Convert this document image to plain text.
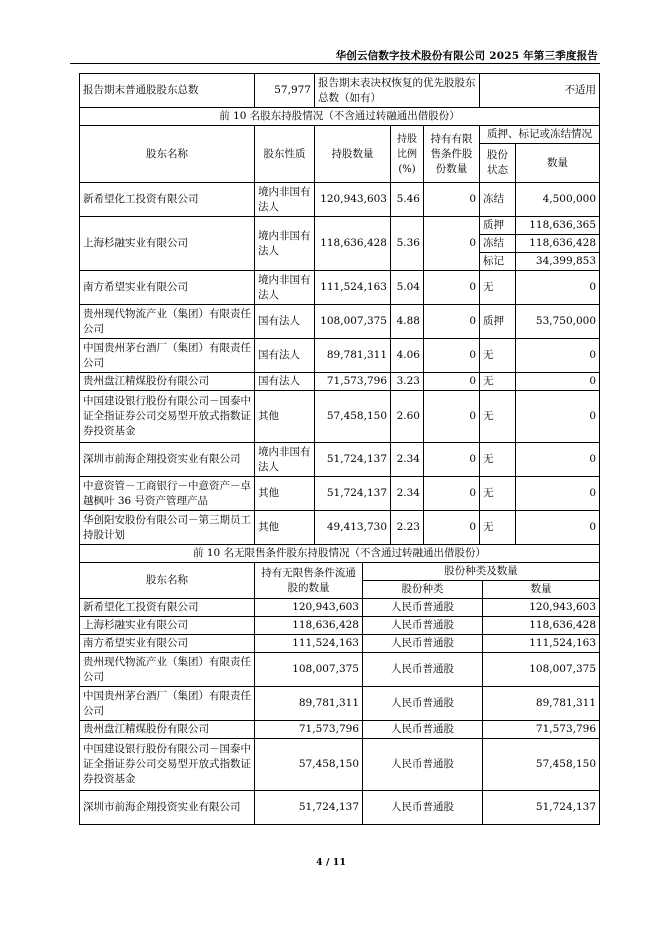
华创云信数字技术股份有限公司 2025 年第三季度报告
报告期末普通股股东总数	57,977	报告期末表决权恢复的优先股股东总数（如有）			不适用	
前 10 名股东持股情况（不含通过转融通出借股份）						
股东名称	股东性质	持股数量	持股比例(%)	持有有限售条件股份数量	质押、标记或冻结情况	
					股份状态	数量
新希望化工投资有限公司	境内非国有法人	120,943,603	5.46	0	冻结	4,500,000
上海杉融实业有限公司	境内非国有法人	118,636,428	5.36	0	质押	118,636,365
					冻结	118,636,428
					标记	34,399,853
南方希望实业有限公司	境内非国有法人	111,524,163	5.04	0	无	0
贵州现代物流产业（集团）有限责任公司	国有法人	108,007,375	4.88	0	质押	53,750,000
中国贵州茅台酒厂（集团）有限责任公司	国有法人	89,781,311	4.06	0	无	0
贵州盘江精煤股份有限公司	国有法人	71,573,796	3.23	0	无	0
中国建设银行股份有限公司－国泰中证全指证券公司交易型开放式指数证券投资基金	其他	57,458,150	2.60	0	无	0
深圳市前海企翔投资实业有限公司	境内非国有法人	51,724,137	2.34	0	无	0
中意资管－工商银行－中意资产－卓越枫叶 36 号资产管理产品	其他	51,724,137	2.34	0	无	0
华创阳安股份有限公司－第三期员工持股计划	其他	49,413,730	2.23	0	无	0
前 10 名无限售条件股东持股情况（不含通过转融通出借股份）			
股东名称	持有无限售条件流通股的数量	股份种类及数量	
		股份种类	数量
新希望化工投资有限公司	120,943,603	人民币普通股	120,943,603
上海杉融实业有限公司	118,636,428	人民币普通股	118,636,428
南方希望实业有限公司	111,524,163	人民币普通股	111,524,163
贵州现代物流产业（集团）有限责任公司	108,007,375	人民币普通股	108,007,375
中国贵州茅台酒厂（集团）有限责任公司	89,781,311	人民币普通股	89,781,311
贵州盘江精煤股份有限公司	71,573,796	人民币普通股	71,573,796
中国建设银行股份有限公司－国泰中证全指证券公司交易型开放式指数证券投资基金	57,458,150	人民币普通股	57,458,150
深圳市前海企翔投资实业有限公司	51,724,137	人民币普通股	51,724,137
4 / 11
